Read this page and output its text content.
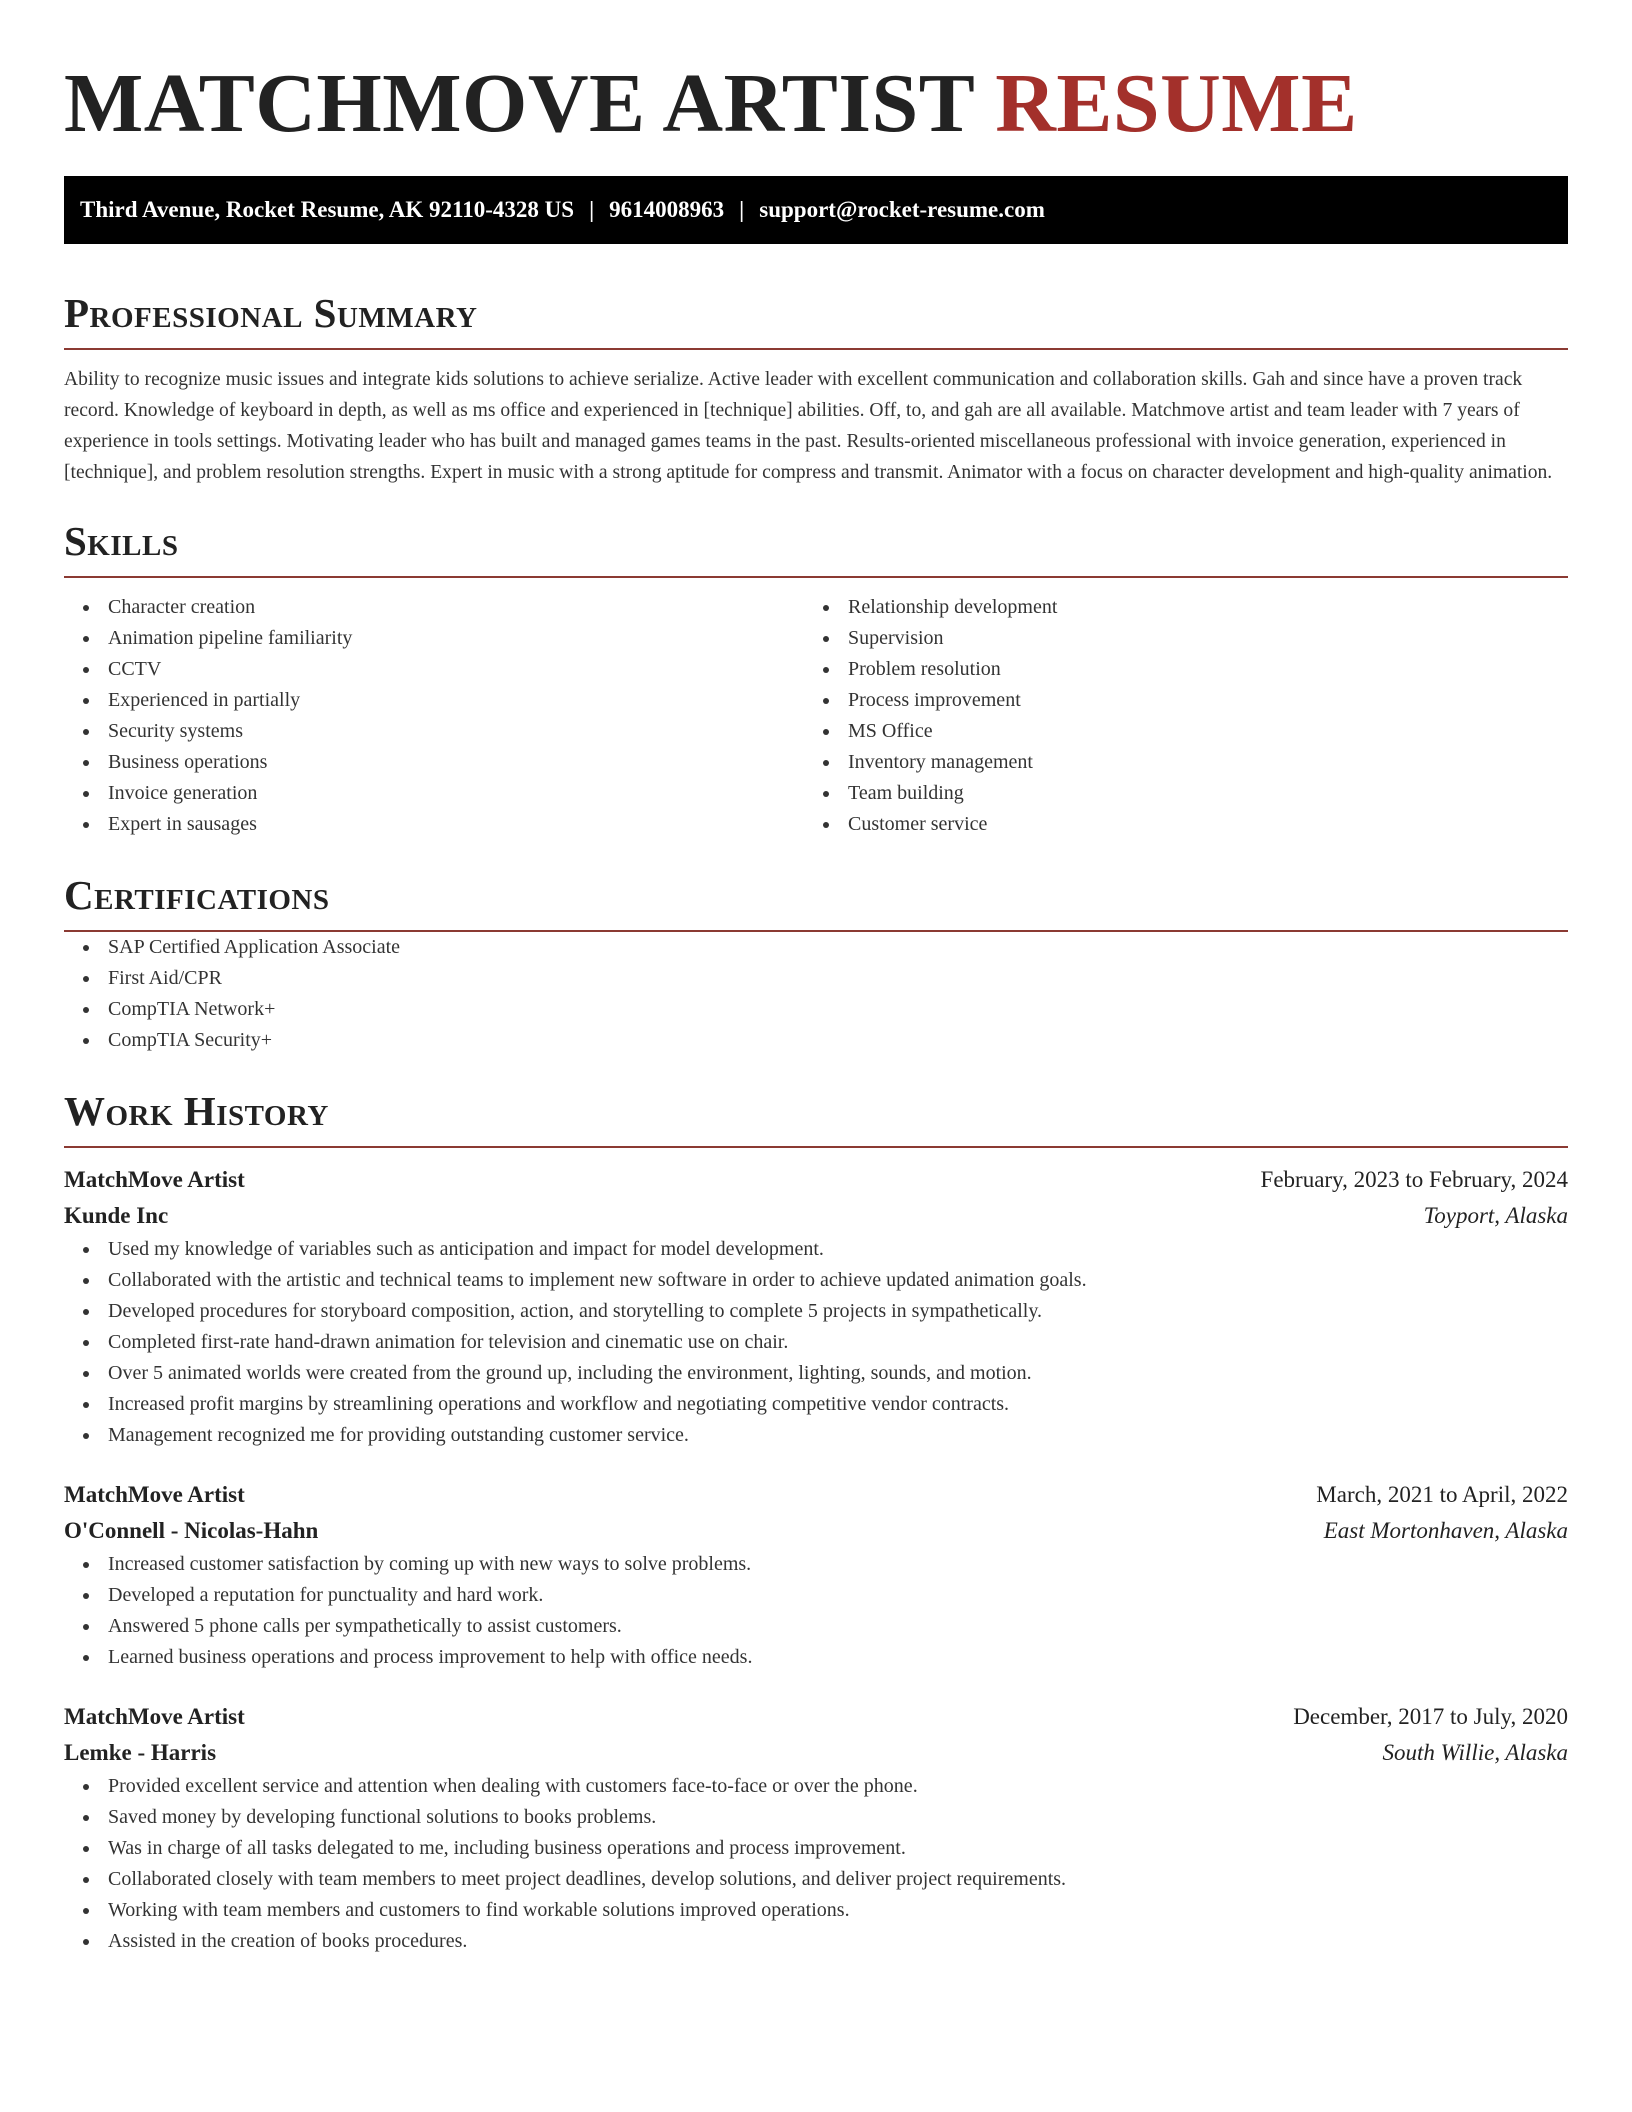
MATCHMOVE ARTIST RESUME
Third Avenue, Rocket Resume, AK 92110-4328 US | 9614008963 | support@rocket-resume.com
Professional Summary

Ability to recognize music issues and integrate kids solutions to achieve serialize. Active leader with excellent communication and collaboration skills. Gah and since have a proven track record. Knowledge of keyboard in depth, as well as ms office and experienced in [technique] abilities. Off, to, and gah are all available. Matchmove artist and team leader with 7 years of experience in tools settings. Motivating leader who has built and managed games teams in the past. Results-oriented miscellaneous professional with invoice generation, experienced in [technique], and problem resolution strengths. Expert in music with a strong aptitude for compress and transmit. Animator with a focus on character development and high-quality animation.

Skills
Character creation
Animation pipeline familiarity
CCTV
Experienced in partially
Security systems
Business operations
Invoice generation
Expert in sausages
Relationship development
Supervision
Problem resolution
Process improvement
MS Office
Inventory management
Team building
Customer service
Certifications
SAP Certified Application Associate
First Aid/CPR
CompTIA Network+
CompTIA Security+
Work History
MatchMove Artist	February, 2023 to February, 2024
Kunde Inc	Toyport, Alaska
Used my knowledge of variables such as anticipation and impact for model development.
Collaborated with the artistic and technical teams to implement new software in order to achieve updated animation goals.
Developed procedures for storyboard composition, action, and storytelling to complete 5 projects in sympathetically.
Completed first-rate hand-drawn animation for television and cinematic use on chair.
Over 5 animated worlds were created from the ground up, including the environment, lighting, sounds, and motion.
Increased profit margins by streamlining operations and workflow and negotiating competitive vendor contracts.
Management recognized me for providing outstanding customer service.
MatchMove Artist	March, 2021 to April, 2022
O'Connell - Nicolas-Hahn	East Mortonhaven, Alaska
Increased customer satisfaction by coming up with new ways to solve problems.
Developed a reputation for punctuality and hard work.
Answered 5 phone calls per sympathetically to assist customers.
Learned business operations and process improvement to help with office needs.
MatchMove Artist	December, 2017 to July, 2020
Lemke - Harris	South Willie, Alaska
Provided excellent service and attention when dealing with customers face-to-face or over the phone.
Saved money by developing functional solutions to books problems.
Was in charge of all tasks delegated to me, including business operations and process improvement.
Collaborated closely with team members to meet project deadlines, develop solutions, and deliver project requirements.
Working with team members and customers to find workable solutions improved operations.
Assisted in the creation of books procedures.
